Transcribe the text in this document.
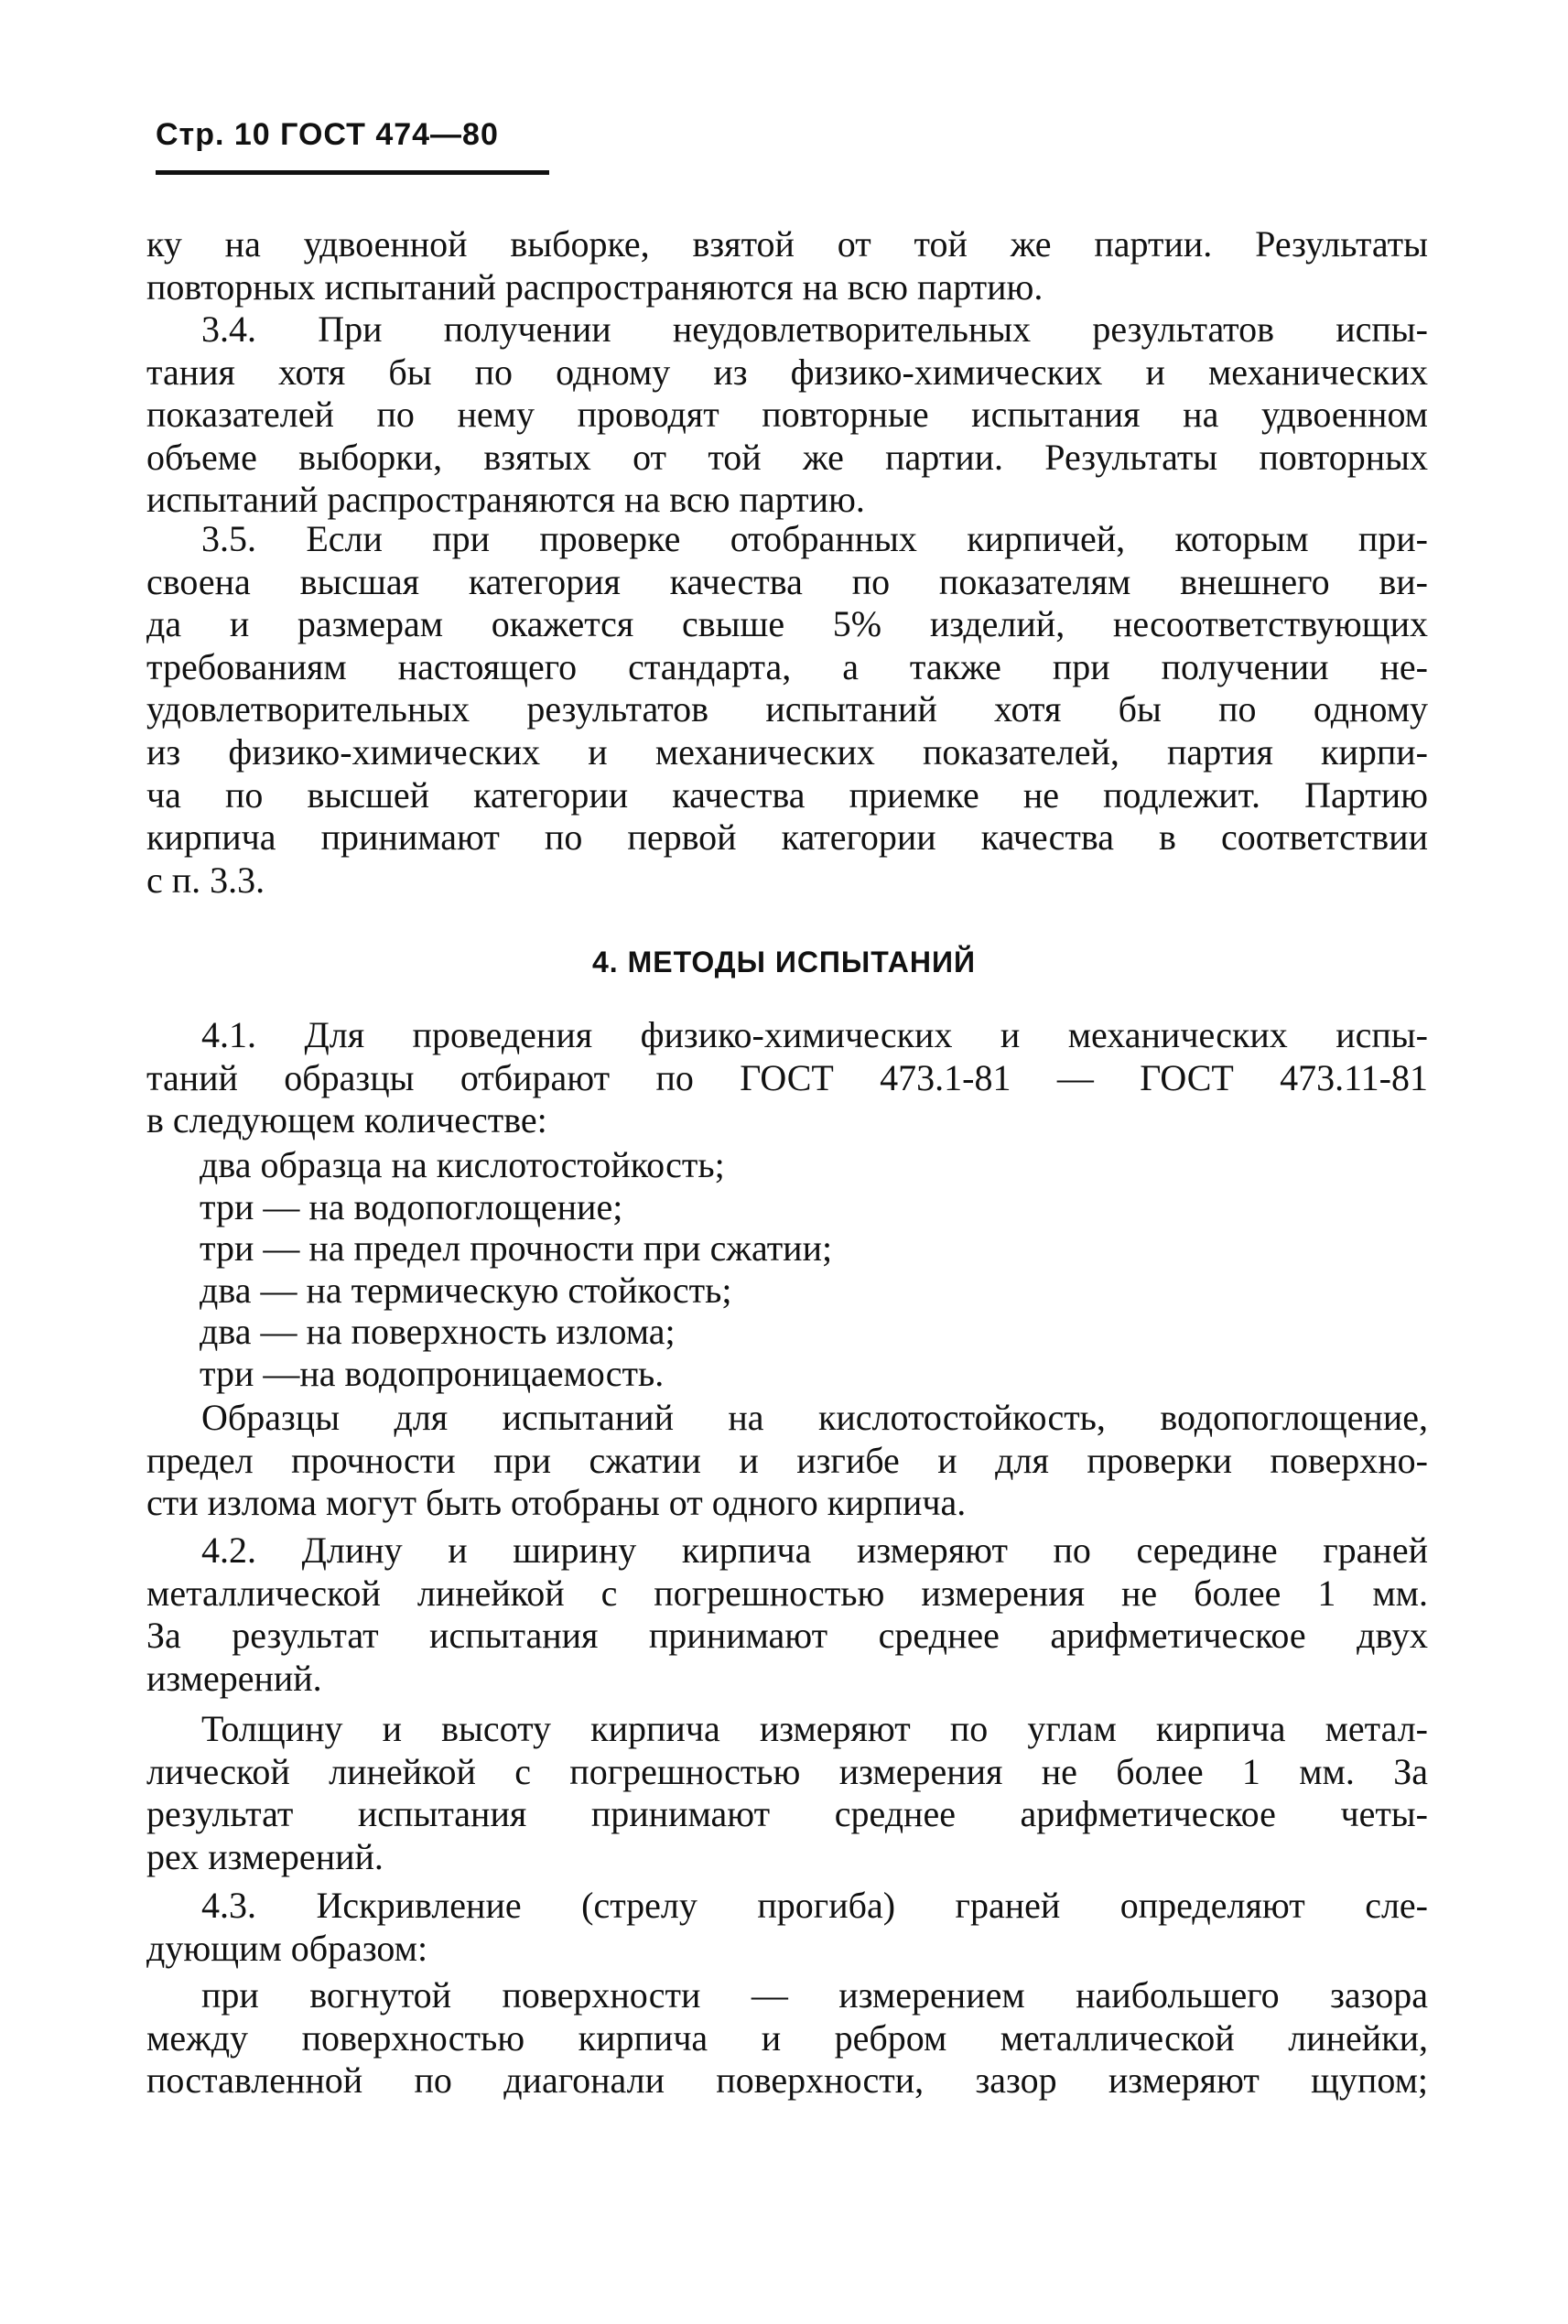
Стр. 10 ГОСТ 474—80
ку на удвоенной выборке, взятой от той же партии. Результаты
повторных испытаний распространяются на всю партию.
3.4. При получении неудовлетворительных результатов испы-
тания хотя бы по одному из физико-химических и механических
показателей по нему проводят повторные испытания на удвоенном
объеме выборки, взятых от той же партии. Результаты повторных
испытаний распространяются на всю партию.
3.5. Если при проверке отобранных кирпичей, которым при-
своена высшая категория качества по показателям внешнего ви-
да и размерам окажется свыше 5% изделий, несоответствующих
требованиям настоящего стандарта, а также при получении не-
удовлетворительных результатов испытаний хотя бы по одному
из физико-химических и механических показателей, партия кирпи-
ча по высшей категории качества приемке не подлежит. Партию
кирпича принимают по первой категории качества в соответствии
с п. 3.3.
4. МЕТОДЫ ИСПЫТАНИЙ
4.1. Для проведения физико-химических и механических испы-
таний образцы отбирают по ГОСТ 473.1-81 — ГОСТ 473.11-81
в следующем количестве:
два образца на кислотостойкость;
три — на водопоглощение;
три — на предел прочности при сжатии;
два — на термическую стойкость;
два — на поверхность излома;
три —на водопроницаемость.
Образцы для испытаний на кислотостойкость, водопоглощение,
предел прочности при сжатии и изгибе и для проверки поверхно-
сти излома могут быть отобраны от одного кирпича.
4.2. Длину и ширину кирпича измеряют по середине граней
металлической линейкой с погрешностью измерения не более 1 мм.
За результат испытания принимают среднее арифметическое двух
измерений.
Толщину и высоту кирпича измеряют по углам кирпича метал-
лической линейкой с погрешностью измерения не более 1 мм. За
результат испытания принимают среднее арифметическое четы-
рех измерений.
4.3. Искривление (стрелу прогиба) граней определяют сле-
дующим образом:
при вогнутой поверхности — измерением наибольшего зазора
между поверхностью кирпича и ребром металлической линейки,
поставленной по диагонали поверхности, зазор измеряют щупом;
